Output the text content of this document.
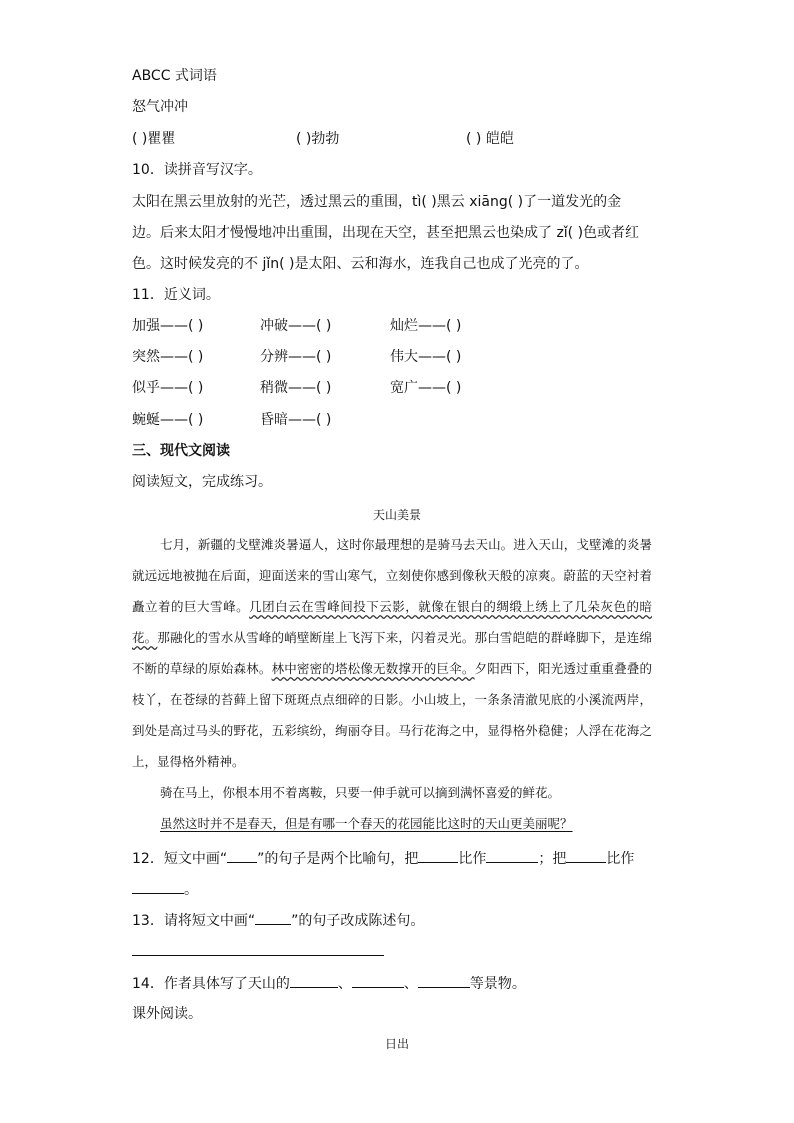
ABCC 式词语
怒气冲冲
( )瞿瞿	( )勃勃	( ) 皑皑
10．读拼音写汉字。
太阳在黑云里放射的光芒，透过黑云的重围，tì( )黑云 xiāng( )了一道发光的金
边。后来太阳才慢慢地冲出重围，出现在天空，甚至把黑云也染成了 zǐ( )色或者红
色。这时候发亮的不 jǐn( )是太阳、云和海水，连我自己也成了光亮的了。
11．近义词。
加强——( )	冲破——( )	灿烂——( )
突然——( )	分辨——( )	伟大——( )
似乎——( )	稍微——( )	宽广——( )
蜿蜒——( )	昏暗——( )
三、现代文阅读
阅读短文，完成练习。
天山美景

七月，新疆的戈壁滩炎暑逼人，这时你最理想的是骑马去天山。进入天山，戈壁滩的炎暑就远远地被抛在后面，迎面送来的雪山寒气，立刻使你感到像秋天般的凉爽。蔚蓝的天空衬着矗立着的巨大雪峰。几团白云在雪峰间投下云影，就像在银白的绸缎上绣上了几朵灰色的暗花。那融化的雪水从雪峰的峭壁断崖上飞泻下来，闪着灵光。那白雪皑皑的群峰脚下，是连绵不断的草绿的原始森林。林中密密的塔松像无数撑开的巨伞。夕阳西下，阳光透过重重叠叠的枝丫，在苍绿的苔藓上留下斑斑点点细碎的日影。小山坡上，一条条清澈见底的小溪流两岸，到处是高过马头的野花，五彩缤纷，绚丽夺目。马行花海之中，显得格外稳健；人浮在花海之上，显得格外精神。

骑在马上，你根本用不着离鞍，只要一伸手就可以摘到满怀喜爱的鲜花。

虽然这时并不是春天，但是有哪一个春天的花园能比这时的天山更美丽呢？

12．短文中画“ ”的句子是两个比喻句，把	比作	；把	比作
。
13．请将短文中画“	”的句子改成陈述句。
14．作者具体写了天山的	、	、	等景物。
课外阅读。
日出
